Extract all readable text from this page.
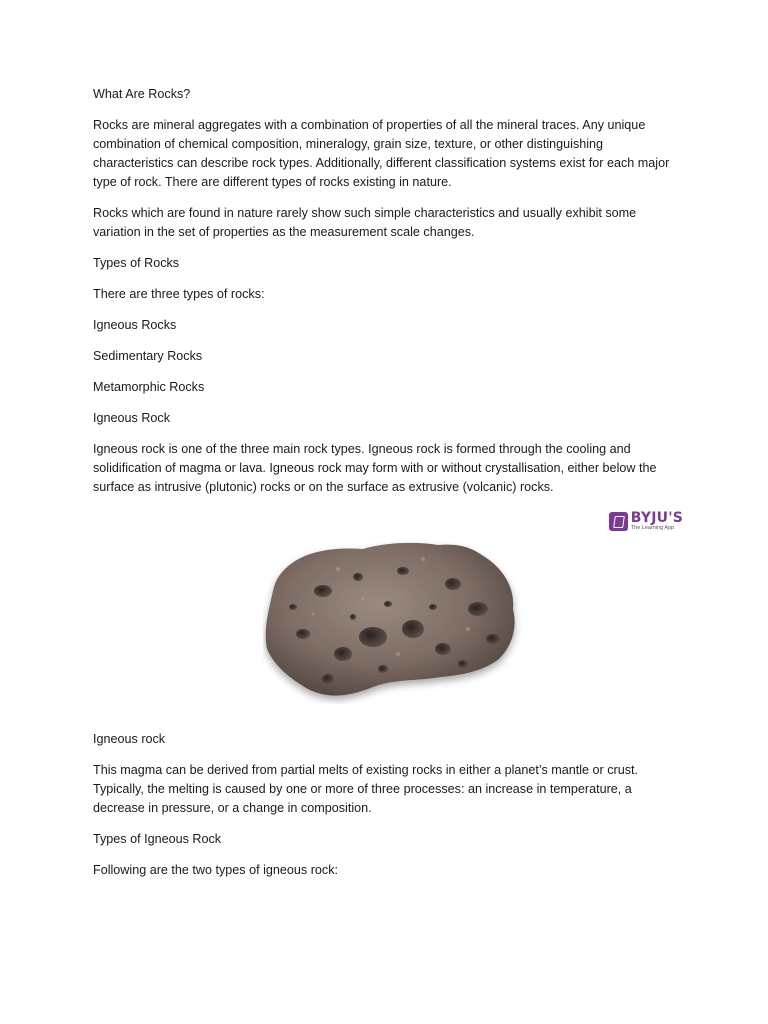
What Are Rocks?

Rocks are mineral aggregates with a combination of properties of all the mineral traces. Any unique combination of chemical composition, mineralogy, grain size, texture, or other distinguishing characteristics can describe rock types. Additionally, different classification systems exist for each major type of rock. There are different types of rocks existing in nature.

Rocks which are found in nature rarely show such simple characteristics and usually exhibit some variation in the set of properties as the measurement scale changes.

Types of Rocks

There are three types of rocks:

Igneous Rocks

Sedimentary Rocks

Metamorphic Rocks

Igneous Rock

Igneous rock is one of the three main rock types. Igneous rock is formed through the cooling and solidification of magma or lava. Igneous rock may form with or without crystallisation, either below the surface as intrusive (plutonic) rocks or on the surface as extrusive (volcanic) rocks.

BYJU'S
The Learning App

Igneous rock

This magma can be derived from partial melts of existing rocks in either a planet’s mantle or crust. Typically, the melting is caused by one or more of three processes: an increase in temperature, a decrease in pressure, or a change in composition.

Types of Igneous Rock

Following are the two types of igneous rock:
